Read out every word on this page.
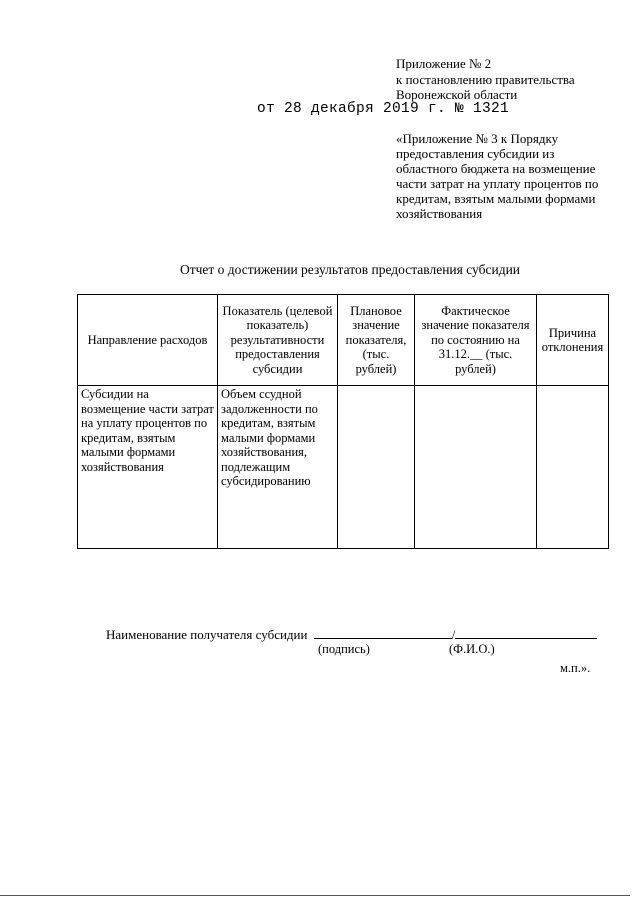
Приложение № 2
к постановлению правительства
Воронежской области
от 28 декабря 2019 г. № 1321
«Приложение № 3 к Порядку предоставления субсидии из областного бюджета на возмещение части затрат на уплату процентов по кредитам, взятым малыми формами хозяйствования
Отчет о достижении результатов предоставления субсидии
Направление расходов	Показатель (целевой показатель) результативности предоставления субсидии	Плановое значение показателя, (тыс. рублей)	Фактическое значение показателя по состоянию на 31.12.__ (тыс. рублей)	Причина отклонения
Субсидии на возмещение части затрат на уплату процентов по кредитам, взятым малыми формами хозяйствования	Объем ссудной задолженности по кредитам, взятым малыми формами хозяйствования, подлежащим субсидированию			
Наименование получателя субсидии	/
(подпись)	(Ф.И.О.)
м.п.».
